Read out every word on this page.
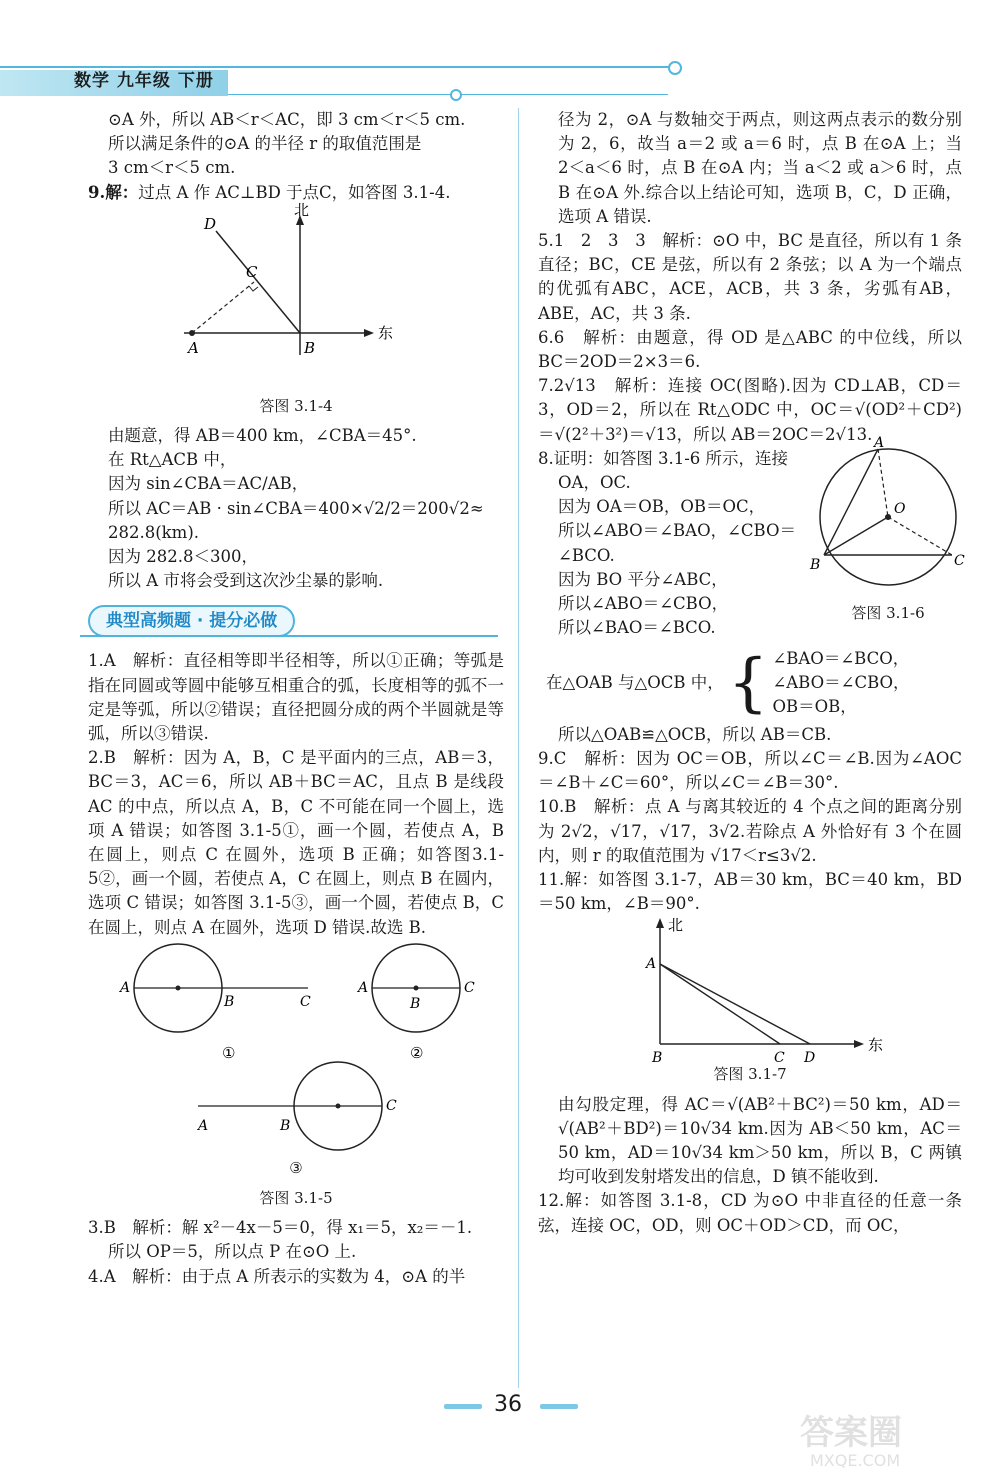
数学 九年级 下册

⊙A 外，所以 AB＜r＜AC，即 3 cm＜r＜5 cm.

所以满足条件的⊙A 的半径 r 的取值范围是

3 cm＜r＜5 cm.

9.解：过点 A 作 AC⊥BD 于点C，如答图 3.1-4.

北
东
A	B
C
D
答图 3.1-4

由题意，得 AB＝400 km，∠CBA＝45°.

在 Rt△ACB 中，

因为 sin∠CBA＝AC/AB，

所以 AC＝AB · sin∠CBA＝400×√2/2＝200√2≈

282.8(km).

因为 282.8＜300，

所以 A 市将会受到这次沙尘暴的影响.

典型高频题 · 提分必做

1.A　解析：直径相等即半径相等，所以①正确；等弧是指在同圆或等圆中能够互相重合的弧，长度相等的弧不一定是等弧，所以②错误；直径把圆分成的两个半圆就是等弧，所以③错误.

2.B　解析：因为 A，B，C 是平面内的三点，AB＝3，BC＝3，AC＝6，所以 AB＋BC＝AC，且点 B 是线段 AC 的中点，所以点 A，B，C 不可能在同一个圆上，选项 A 错误；如答图 3.1-5①，画一个圆，若使点 A，B 在圆上，则点 C 在圆外，选项 B 正确；如答图3.1-5②，画一个圆，若使点 A，C 在圆上，则点 B 在圆内，选项 C 错误；如答图 3.1-5③，画一个圆，若使点 B，C 在圆上，则点 A 在圆外，选项 D 错误.故选 B.

A
B	C
①
A
B
C
②
A	B
C
③
答图 3.1-5

3.B　解析：解 x²－4x－5＝0，得 x₁＝5，x₂＝－1.

所以 OP＝5，所以点 P 在⊙O 上.

4.A　解析：由于点 A 所表示的实数为 4，⊙A 的半

径为 2，⊙A 与数轴交于两点，则这两点表示的数分别为 2，6，故当 a＝2 或 a＝6 时，点 B 在⊙A 上；当 2＜a＜6 时，点 B 在⊙A 内；当 a＜2 或 a＞6 时，点 B 在⊙A 外.综合以上结论可知，选项 B，C，D 正确，选项 A 错误.

5.1　2　3　3　解析：⊙O 中，BC 是直径，所以有 1 条直径；BC，CE 是弦，所以有 2 条弦；以 A 为一个端点的优弧有ABC，ACE，ACB，共 3 条，劣弧有AB，ABE，AC，共 3 条.

6.6　解析：由题意，得 OD 是△ABC 的中位线，所以 BC＝2OD＝2×3＝6.

7.2√13　解析：连接 OC(图略).因为 CD⊥AB，CD＝3，OD＝2，所以在 Rt△ODC 中，OC＝√(OD²＋CD²)＝√(2²＋3²)＝√13，所以 AB＝2OC＝2√13.

8.证明：如答图 3.1-6 所示，连接

OA，OC.

因为 OA＝OB，OB＝OC，

所以∠ABO＝∠BAO，∠CBO＝

∠BCO.

因为 BO 平分∠ABC，

所以∠ABO＝∠CBO，

所以∠BAO＝∠BCO.

A
B	C
O
答图 3.1-6
在△OAB 与△OCB 中， { ∠BAO＝∠BCO，
∠ABO＝∠CBO，
OB＝OB，

所以△OAB≌△OCB，所以 AB＝CB.

9.C　解析：因为 OC＝OB，所以∠C＝∠B.因为∠AOC＝∠B＋∠C＝60°，所以∠C＝∠B＝30°.

10.B　解析：点 A 与离其较近的 4 个点之间的距离分别为 2√2，√17，√17，3√2.若除点 A 外恰好有 3 个在圆内，则 r 的取值范围为 √17＜r≤3√2.

11.解：如答图 3.1-7，AB＝30 km，BC＝40 km，BD＝50 km，∠B＝90°.

北
东
A
B	C D
答图 3.1-7

由勾股定理，得 AC＝√(AB²＋BC²)＝50 km，AD＝√(AB²＋BD²)＝10√34 km.因为 AB＜50 km，AC＝50 km，AD＝10√34 km＞50 km，所以 B，C 两镇均可收到发射塔发出的信息，D 镇不能收到.

12.解：如答图 3.1-8，CD 为⊙O 中非直径的任意一条弦，连接 OC，OD，则 OC＋OD＞CD，而 OC，

36
答案圈
MXQE.COM
